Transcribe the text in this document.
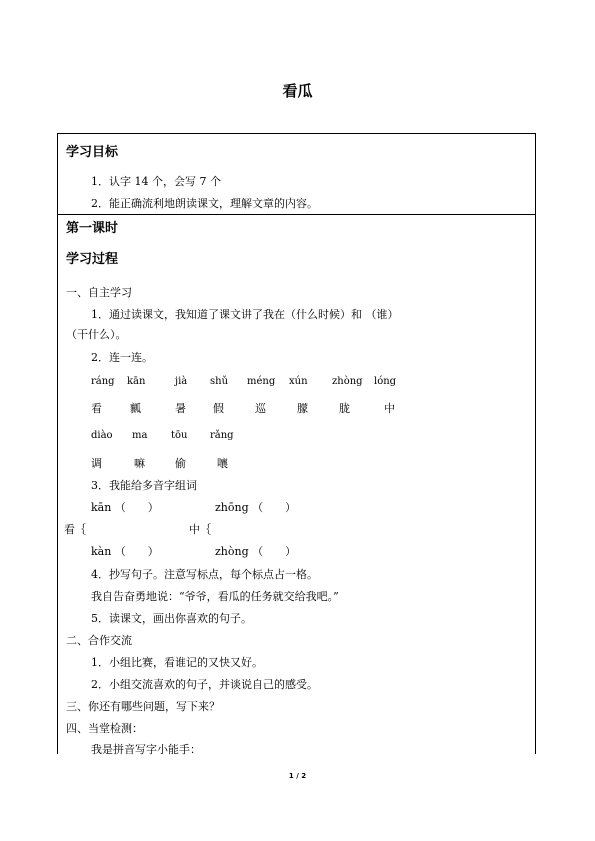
看瓜
学习目标
1．认字 14 个，会写 7 个
2．能正确流利地朗读课文，理解文章的内容。
第一课时
学习过程
一、自主学习
1．通过读课文，我知道了课文讲了我在（什么时候）和 （谁）
（干什么）。
2．连一连。
ráng kān	jià shǔ méng xún zhòng lóng
看	瓤	暑 假	巡	朦	胧	中
diào ma tōu rǎng
调	嘛	偷	嚷
3．我能给多音字组词
kān （　　）	zhōng （　　）
看｛	中｛
kàn （　　）	zhòng （　　）
4．抄写句子。注意写标点，每个标点占一格。
我自告奋勇地说：“爷爷，看瓜的任务就交给我吧。”
5．读课文，画出你喜欢的句子。
二、合作交流
1．小组比赛，看谁记的又快又好。
2．小组交流喜欢的句子，并谈说自己的感受。
三、你还有哪些问题，写下来？
四、当堂检测：
我是拼音写字小能手：
1 / 2
